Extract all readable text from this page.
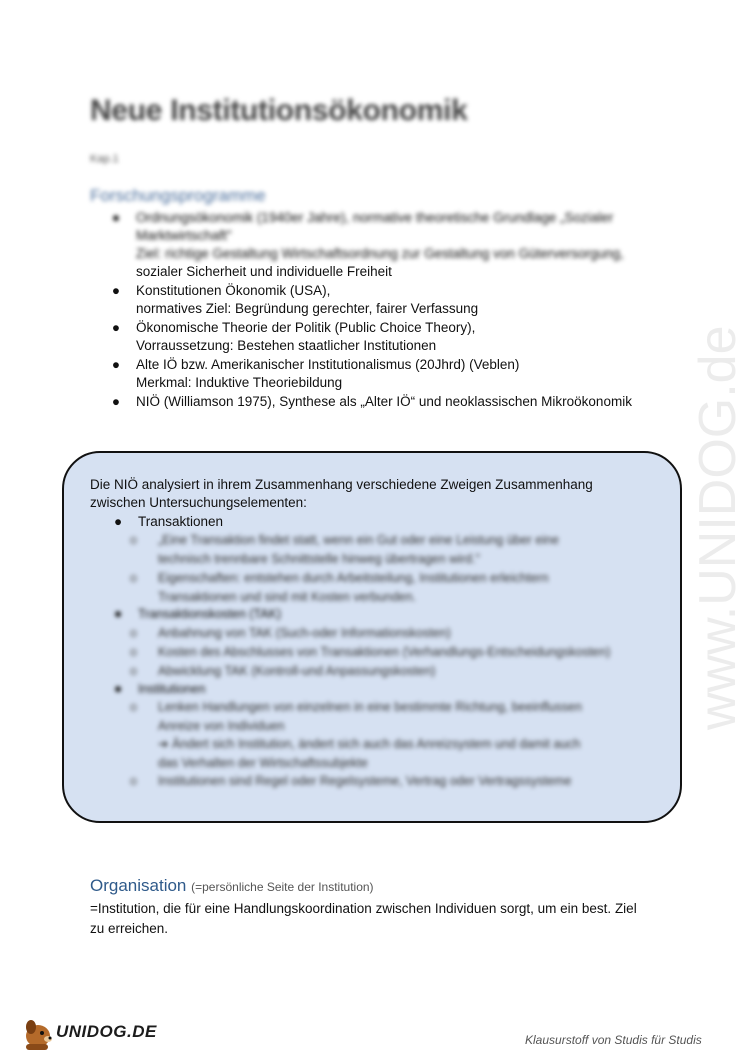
www.UNIDOG.de
Neue Institutionsökonomik
Kap.1
Forschungsprogramme
● Ordnungsökonomik (1940er Jahre), normative theoretische Grundlage „Sozialer
Marktwirtschaft"
Ziel: richtige Gestaltung Wirtschaftsordnung zur Gestaltung von Güterversorgung,
sozialer Sicherheit und individuelle Freiheit
● Konstitutionen Ökonomik (USA),
normatives Ziel: Begründung gerechter, fairer Verfassung
● Ökonomische Theorie der Politik (Public Choice Theory),
Vorraussetzung: Bestehen staatlicher Institutionen
● Alte IÖ bzw. Amerikanischer Institutionalismus (20Jhrd) (Veblen)
Merkmal: Induktive Theoriebildung
● NIÖ (Williamson 1975), Synthese als „Alter IÖ“ und neoklassischen Mikroökonomik
Die NIÖ analysiert in ihrem Zusammenhang verschiedene Zweigen Zusammenhang
zwischen Untersuchungselementen:
● Transaktionen
o „Eine Transaktion findet statt, wenn ein Gut oder eine Leistung über eine
technisch trennbare Schnittstelle hinweg übertragen wird."
o Eigenschaften: entstehen durch Arbeitsteilung, Institutionen erleichtern
Transaktionen und sind mit Kosten verbunden.
● Transaktionskosten (TAK)
o Anbahnung von TAK (Such-oder Informationskosten)
o Kosten des Abschlusses von Transaktionen (Verhandlungs-Entscheidungskosten)
o Abwicklung TAK (Kontroll-und Anpassungskosten)
● Institutionen
o Lenken Handlungen von einzelnen in eine bestimmte Richtung, beeinflussen
Anreize von Individuen
➔ Ändert sich Institution, ändert sich auch das Anreizsystem und damit auch
das Verhalten der Wirtschaftssubjekte
o Institutionen sind Regel oder Regelsysteme, Vertrag oder Vertragssysteme
Organisation (=persönliche Seite der Institution)
=Institution, die für eine Handlungskoordination zwischen Individuen sorgt, um ein best. Ziel
zu erreichen.
UNIDOG.DE	Klausurstoff von Studis für Studis
